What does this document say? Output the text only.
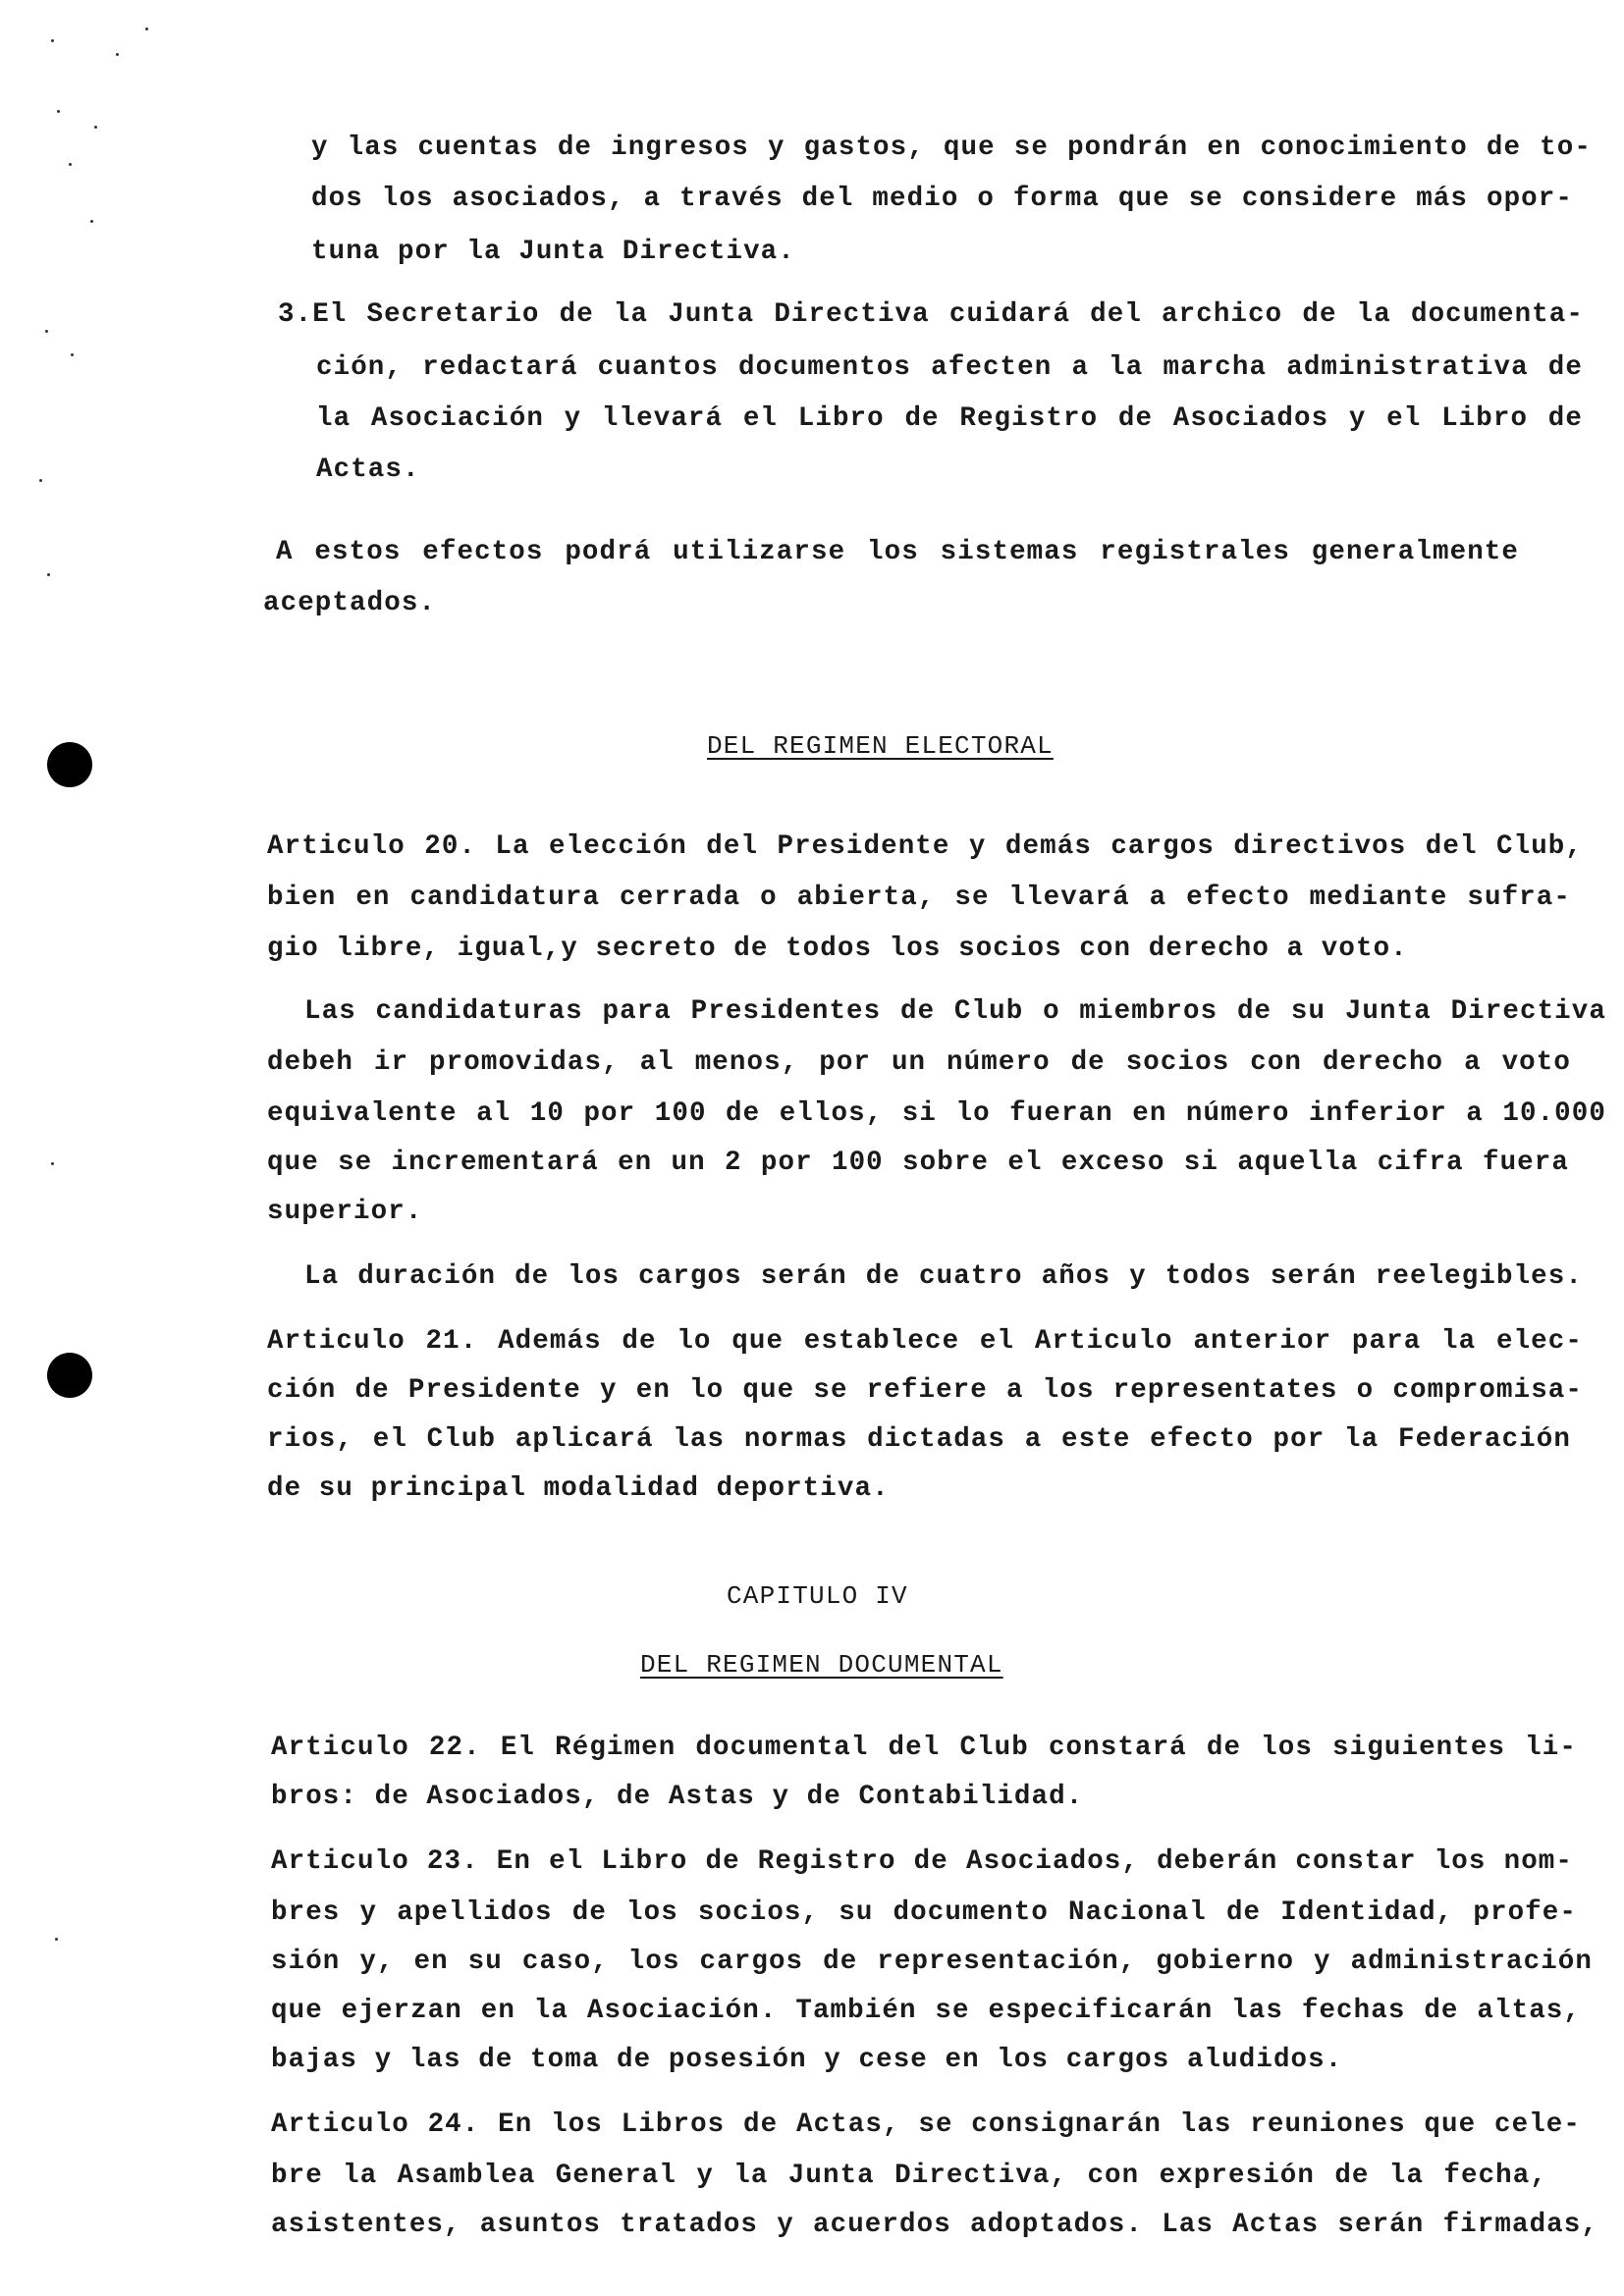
y las cuentas de ingresos y gastos, que se pondrán en conocimiento de to-
dos los asociados, a través del medio o forma que se considere más opor-
tuna por la Junta Directiva.
3.El Secretario de la Junta Directiva cuidará del archico de la documenta-
ción, redactará cuantos documentos afecten a la marcha administrativa de
la Asociación y llevará el Libro de Registro de Asociados y el Libro de
Actas.
A estos efectos podrá utilizarse los sistemas registrales generalmente
aceptados.
DEL REGIMEN ELECTORAL
Articulo 20. La elección del Presidente y demás cargos directivos del Club,
bien en candidatura cerrada o abierta, se llevará a efecto mediante sufra-
gio libre, igual,y secreto de todos los socios con derecho a voto.
Las candidaturas para Presidentes de Club o miembros de su Junta Directiva
debeh ir promovidas, al menos, por un número de socios con derecho a voto
equivalente al 10 por 100 de ellos, si lo fueran en número inferior a 10.000
que se incrementará en un 2 por 100 sobre el exceso si aquella cifra fuera
superior.
La duración de los cargos serán de cuatro años y todos serán reelegibles.
Articulo 21. Además de lo que establece el Articulo anterior para la elec-
ción de Presidente y en lo que se refiere a los representates o compromisa-
rios, el Club aplicará las normas dictadas a este efecto por la Federación
de su principal modalidad deportiva.
CAPITULO IV
DEL REGIMEN DOCUMENTAL
Articulo 22. El Régimen documental del Club constará de los siguientes li-
bros: de Asociados, de Astas y de Contabilidad.
Articulo 23. En el Libro de Registro de Asociados, deberán constar los nom-
bres y apellidos de los socios, su documento Nacional de Identidad, profe-
sión y, en su caso, los cargos de representación, gobierno y administración
que ejerzan en la Asociación. También se especificarán las fechas de altas,
bajas y las de toma de posesión y cese en los cargos aludidos.
Articulo 24. En los Libros de Actas, se consignarán las reuniones que cele-
bre la Asamblea General y la Junta Directiva, con expresión de la fecha,
asistentes, asuntos tratados y acuerdos adoptados. Las Actas serán firmadas,
